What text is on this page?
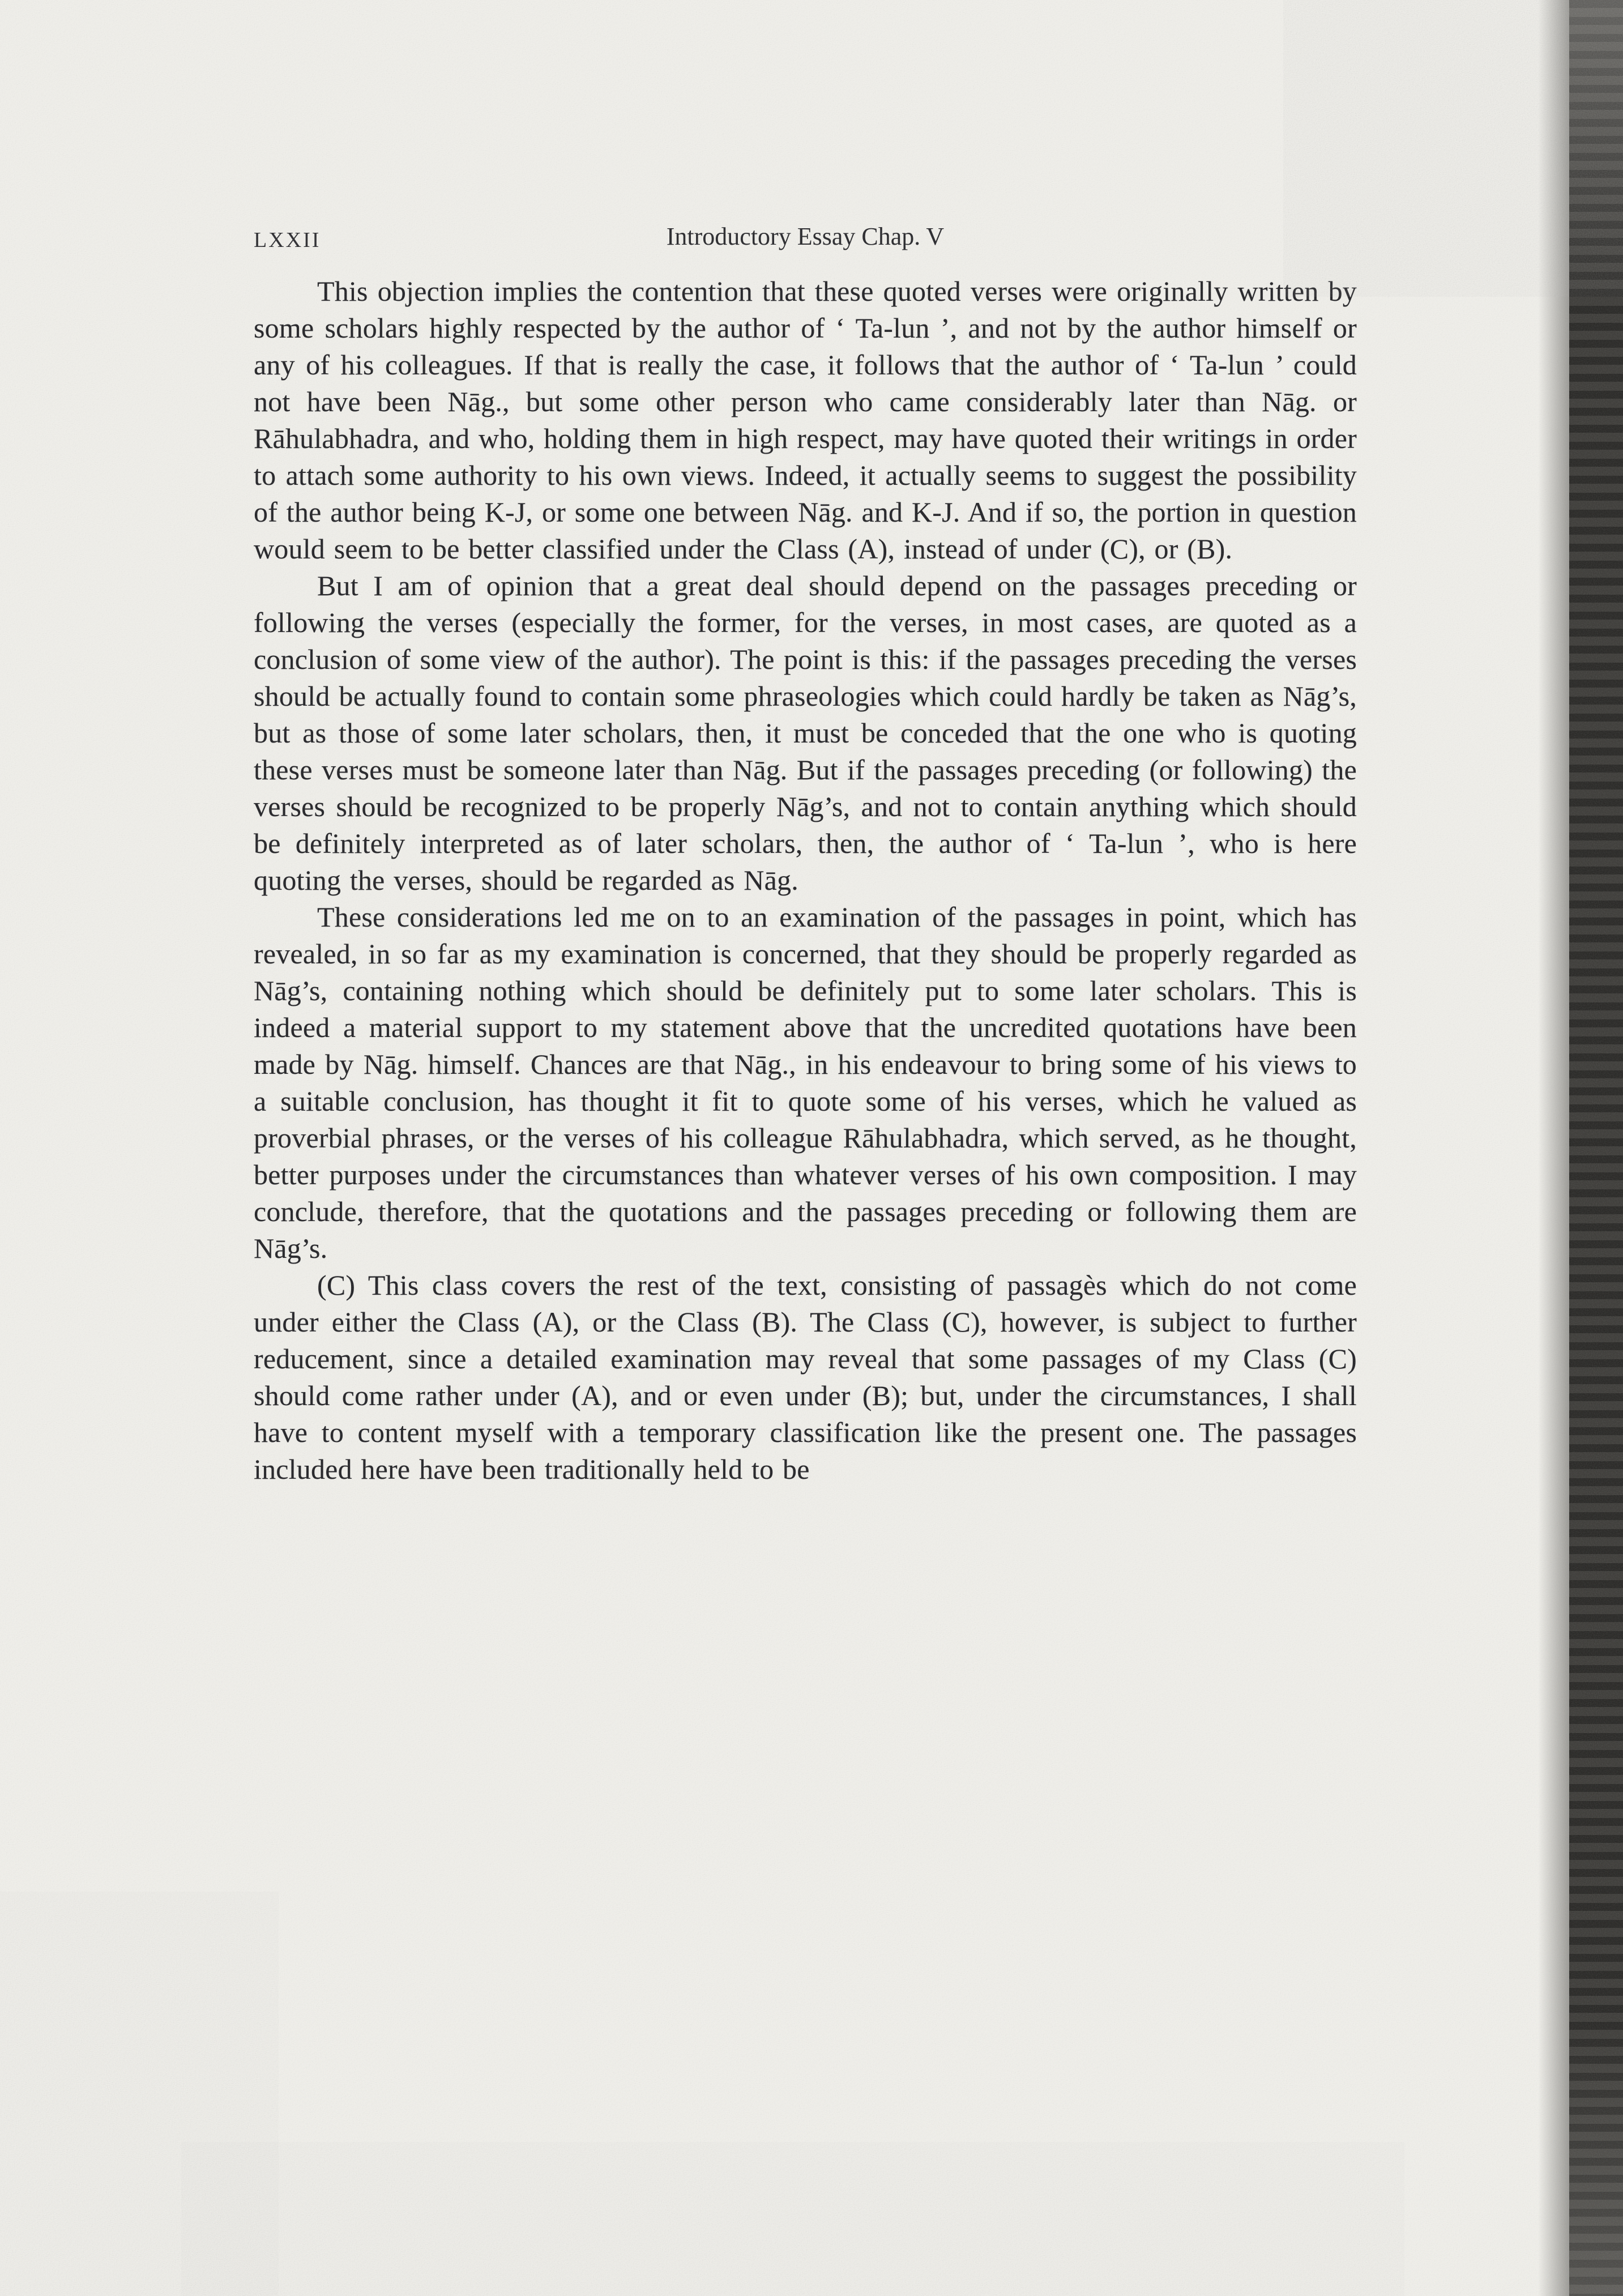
LXXII	Introductory Essay Chap. V

This objection implies the contention that these quoted verses were originally written by some scholars highly respected by the author of ‘ Ta-lun ’, and not by the author himself or any of his colleagues. If that is really the case, it follows that the author of ‘ Ta-lun ’ could not have been Nāg., but some other person who came considerably later than Nāg. or Rāhulabhadra, and who, holding them in high respect, may have quoted their writings in order to attach some authority to his own views. Indeed, it actually seems to suggest the possibility of the author being K-J, or some one between Nāg. and K-J. And if so, the portion in question would seem to be better classified under the Class (A), instead of under (C), or (B).

But I am of opinion that a great deal should depend on the passages preceding or following the verses (especially the former, for the verses, in most cases, are quoted as a conclusion of some view of the author). The point is this: if the passages preceding the verses should be actually found to contain some phraseologies which could hardly be taken as Nāg’s, but as those of some later scholars, then, it must be conceded that the one who is quoting these verses must be someone later than Nāg. But if the passages preceding (or following) the verses should be recognized to be properly Nāg’s, and not to contain anything which should be definitely interpreted as of later scholars, then, the author of ‘ Ta-lun ’, who is here quoting the verses, should be regarded as Nāg.

These considerations led me on to an examination of the passages in point, which has revealed, in so far as my examination is concerned, that they should be properly regarded as Nāg’s, containing nothing which should be definitely put to some later scholars. This is indeed a material support to my statement above that the uncredited quotations have been made by Nāg. himself. Chances are that Nāg., in his endeavour to bring some of his views to a suitable conclusion, has thought it fit to quote some of his verses, which he valued as proverbial phrases, or the verses of his colleague Rāhulabhadra, which served, as he thought, better purposes under the circumstances than whatever verses of his own composition. I may conclude, therefore, that the quotations and the passages preceding or following them are Nāg’s.

(C) This class covers the rest of the text, consisting of passagès which do not come under either the Class (A), or the Class (B). The Class (C), however, is subject to further reducement, since a detailed examination may reveal that some passages of my Class (C) should come rather under (A), and or even under (B); but, under the circumstances, I shall have to content myself with a temporary classification like the present one. The passages included here have been traditionally held to be
